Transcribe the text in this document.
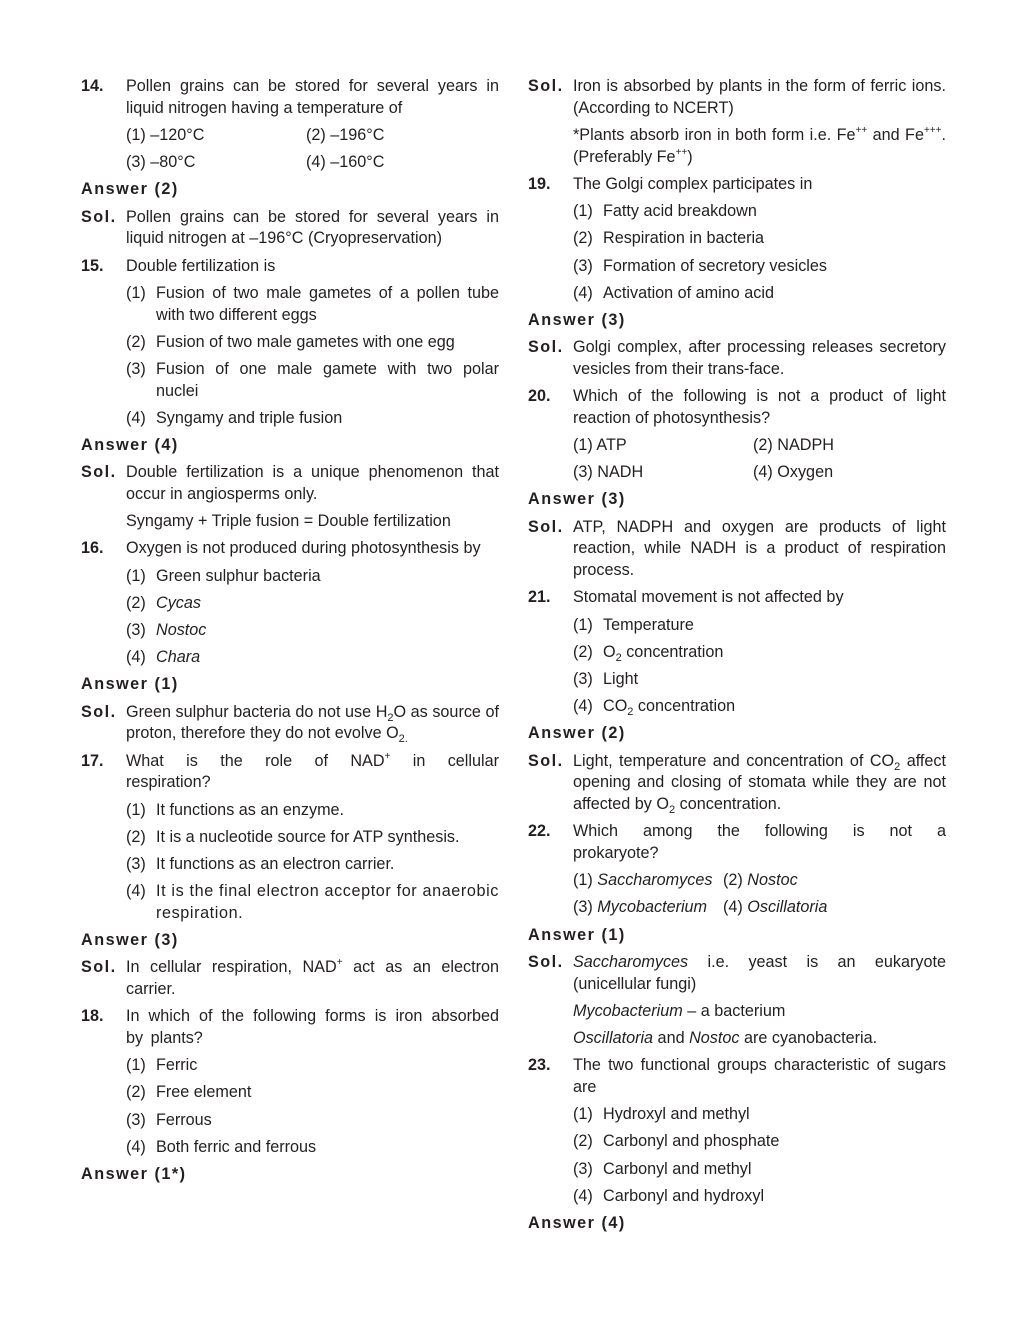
14.	Pollen grains can be stored for several years in liquid nitrogen having a temperature of
(1) –120°C	(2) –196°C
(3) –80°C	(4) –160°C
Answer (2)
Sol. Pollen grains can be stored for several years in liquid nitrogen at –196°C (Cryopreservation)
15.	Double fertilization is
(1) Fusion of two male gametes of a pollen tube with two different eggs
(2) Fusion of two male gametes with one egg
(3) Fusion of one male gamete with two polar nuclei
(4) Syngamy and triple fusion
Answer (4)
Sol. Double fertilization is a unique phenomenon that occur in angiosperms only.
Syngamy + Triple fusion = Double fertilization
16.	Oxygen is not produced during photosynthesis by
(1) Green sulphur bacteria
(2) Cycas
(3) Nostoc
(4) Chara
Answer (1)
Sol. Green sulphur bacteria do not use $H_2O$ as source of proton, therefore they do not evolve $O_{2.}$
17.	What is the role of NAD+ in cellular respiration?
(1) It functions as an enzyme.
(2) It is a nucleotide source for ATP synthesis.
(3) It functions as an electron carrier.
(4) It is the final electron acceptor for anaerobic respiration.
Answer (3)
Sol. In cellular respiration, NAD+ act as an electron carrier.
18.	In which of the following forms is iron absorbed by plants?
(1) Ferric
(2) Free element
(3) Ferrous
(4) Both ferric and ferrous
Answer (1*)
Sol. Iron is absorbed by plants in the form of ferric ions. (According to NCERT)
*Plants absorb iron in both form i.e. Fe++ and Fe+++. (Preferably Fe++)
19.	The Golgi complex participates in
(1) Fatty acid breakdown
(2) Respiration in bacteria
(3) Formation of secretory vesicles
(4) Activation of amino acid
Answer (3)
Sol. Golgi complex, after processing releases secretory vesicles from their trans-face.
20.	Which of the following is not a product of light reaction of photosynthesis?
(1) ATP	(2) NADPH
(3) NADH	(4) Oxygen
Answer (3)
Sol. ATP, NADPH and oxygen are products of light reaction, while NADH is a product of respiration process.
21.	Stomatal movement is not affected by
(1) Temperature
(2) $O_2$ concentration
(3) Light
(4) $CO_2$ concentration
Answer (2)
Sol. Light, temperature and concentration of $CO_2$ affect opening and closing of stomata while they are not affected by $O_2$ concentration.
22.	Which among the following is not a prokaryote?
(1) Saccharomyces (2) Nostoc
(3) Mycobacterium (4) Oscillatoria
Answer (1)
Sol. Saccharomyces i.e. yeast is an eukaryote (unicellular fungi)
Mycobacterium – a bacterium
Oscillatoria and Nostoc are cyanobacteria.
23.	The two functional groups characteristic of sugars are
(1) Hydroxyl and methyl
(2) Carbonyl and phosphate
(3) Carbonyl and methyl
(4) Carbonyl and hydroxyl
Answer (4)
